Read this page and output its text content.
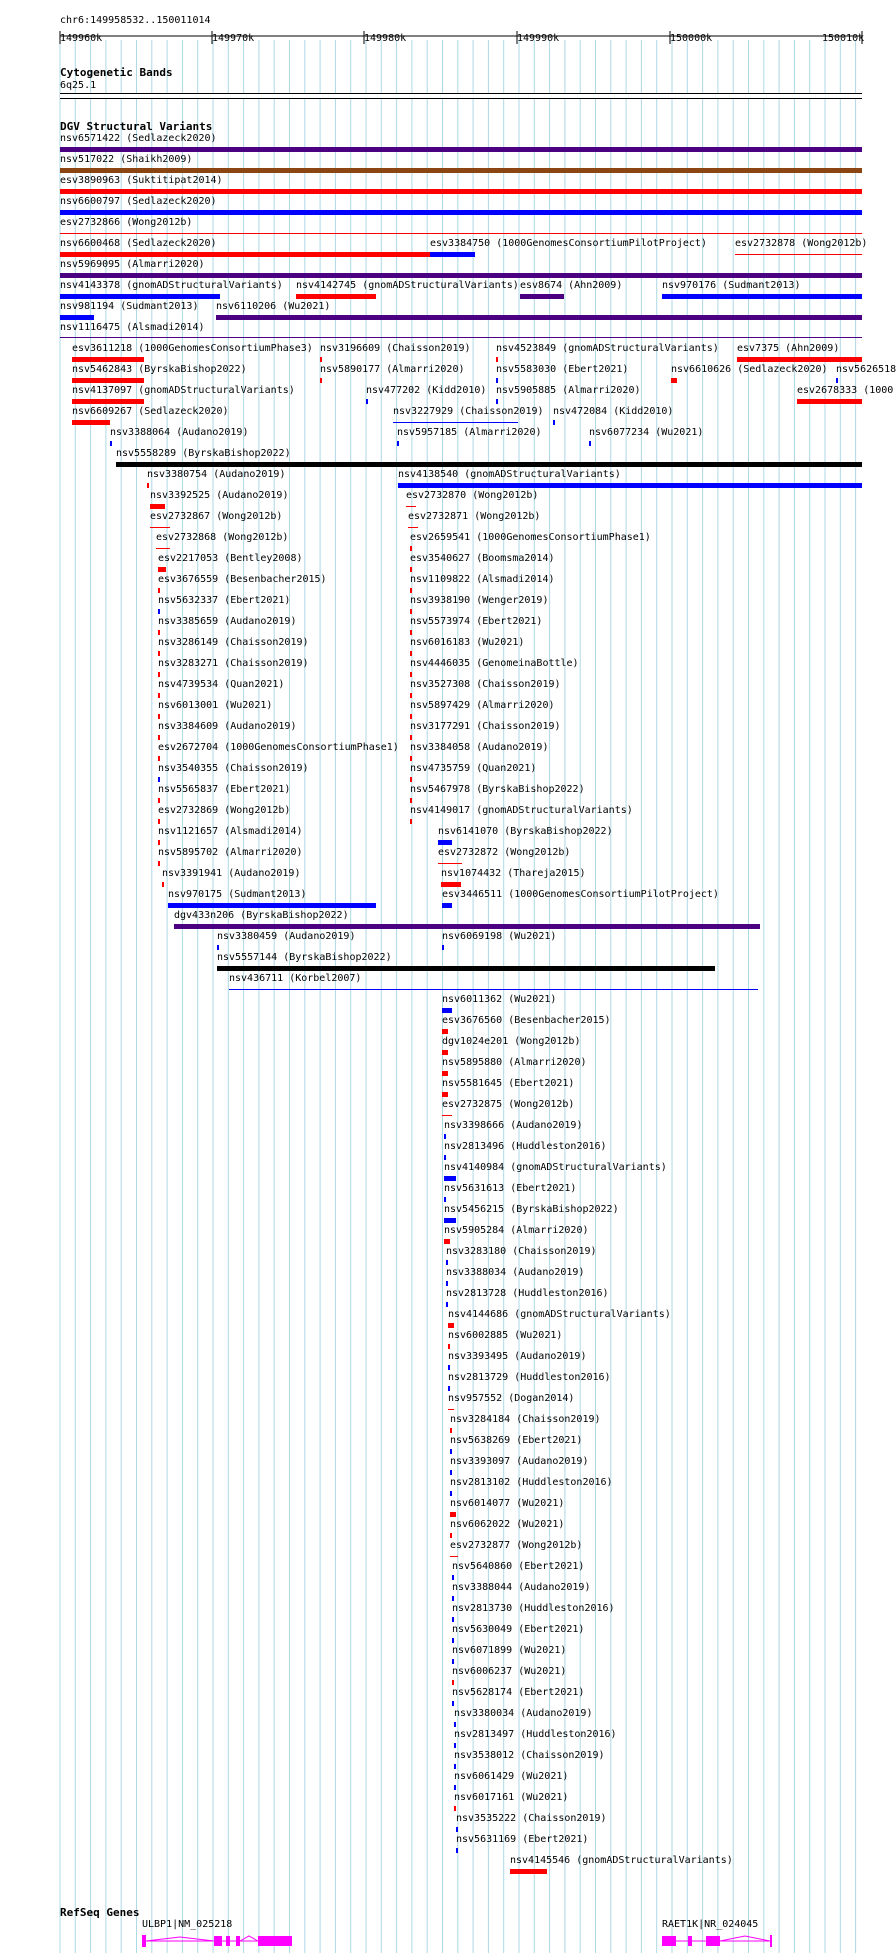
chr6:149958532..150011014
149960k	149970k	149980k	149990k	150000k	150010k
Cytogenetic Bands
6q25.1
DGV Structural Variants
nsv6571422 (Sedlazeck2020)
nsv517022 (Shaikh2009)
esv3890963 (Suktitipat2014)
nsv6600797 (Sedlazeck2020)
esv2732866 (Wong2012b)
nsv6600468 (Sedlazeck2020)	esv3384750 (1000GenomesConsortiumPilotProject)	esv2732878 (Wong2012b)
nsv5969095 (Almarri2020)
nsv4143378 (gnomADStructuralVariants) nsv4142745 (gnomADStructuralVariants) esv8674 (Ahn2009)	nsv970176 (Sudmant2013)
nsv981194 (Sudmant2013) nsv6110206 (Wu2021)
nsv1116475 (Alsmadi2014)
esv3611218 (1000GenomesConsortiumPhase3) nsv3196609 (Chaisson2019)	nsv4523849 (gnomADStructuralVariants) esv7375 (Ahn2009)
nsv5462843 (ByrskaBishop2022)	nsv5890177 (Almarri2020)	nsv5583030 (Ebert2021)	nsv6610626 (Sedlazeck2020) nsv5626518
nsv4137097 (gnomADStructuralVariants)	nsv477202 (Kidd2010) nsv5905885 (Almarri2020)	esv2678333 (1000
nsv6609267 (Sedlazeck2020)	nsv3227929 (Chaisson2019) nsv472084 (Kidd2010)
nsv3388064 (Audano2019)	nsv5957185 (Almarri2020)	nsv6077234 (Wu2021)
nsv5558289 (ByrskaBishop2022)
nsv3380754 (Audano2019)	nsv4138540 (gnomADStructuralVariants)
nsv3392525 (Audano2019)	esv2732870 (Wong2012b)
esv2732867 (Wong2012b)	esv2732871 (Wong2012b)
esv2732868 (Wong2012b)	esv2659541 (1000GenomesConsortiumPhase1)
esv2217053 (Bentley2008)	esv3540627 (Boomsma2014)
esv3676559 (Besenbacher2015)	nsv1109822 (Alsmadi2014)
nsv5632337 (Ebert2021)	nsv3938190 (Wenger2019)
nsv3385659 (Audano2019)	nsv5573974 (Ebert2021)
nsv3286149 (Chaisson2019)	nsv6016183 (Wu2021)
nsv3283271 (Chaisson2019)	nsv4446035 (GenomeinaBottle)
nsv4739534 (Quan2021)	nsv3527308 (Chaisson2019)
nsv6013001 (Wu2021)	nsv5897429 (Almarri2020)
nsv3384609 (Audano2019)	nsv3177291 (Chaisson2019)
esv2672704 (1000GenomesConsortiumPhase1) nsv3384058 (Audano2019)
nsv3540355 (Chaisson2019)	nsv4735759 (Quan2021)
nsv5565837 (Ebert2021)	nsv5467978 (ByrskaBishop2022)
esv2732869 (Wong2012b)	nsv4149017 (gnomADStructuralVariants)
nsv1121657 (Alsmadi2014)	nsv6141070 (ByrskaBishop2022)
nsv5895702 (Almarri2020)	esv2732872 (Wong2012b)
nsv3391941 (Audano2019)	nsv1074432 (Thareja2015)
nsv970175 (Sudmant2013)	esv3446511 (1000GenomesConsortiumPilotProject)
dgv433n206 (ByrskaBishop2022)
nsv3380459 (Audano2019)	nsv6069198 (Wu2021)
nsv5557144 (ByrskaBishop2022)
nsv436711 (Korbel2007)
nsv6011362 (Wu2021)
esv3676560 (Besenbacher2015)
dgv1024e201 (Wong2012b)
nsv5895880 (Almarri2020)
nsv5581645 (Ebert2021)
esv2732875 (Wong2012b)
nsv3398666 (Audano2019)
nsv2813496 (Huddleston2016)
nsv4140984 (gnomADStructuralVariants)
nsv5631613 (Ebert2021)
nsv5456215 (ByrskaBishop2022)
nsv5905284 (Almarri2020)
nsv3283180 (Chaisson2019)
nsv3388034 (Audano2019)
nsv2813728 (Huddleston2016)
nsv4144686 (gnomADStructuralVariants)
nsv6002885 (Wu2021)
nsv3393495 (Audano2019)
nsv2813729 (Huddleston2016)
nsv957552 (Dogan2014)
nsv3284184 (Chaisson2019)
nsv5638269 (Ebert2021)
nsv3393097 (Audano2019)
nsv2813102 (Huddleston2016)
nsv6014077 (Wu2021)
nsv6062022 (Wu2021)
esv2732877 (Wong2012b)
nsv5640860 (Ebert2021)
nsv3388044 (Audano2019)
nsv2813730 (Huddleston2016)
nsv5630049 (Ebert2021)
nsv6071899 (Wu2021)
nsv6006237 (Wu2021)
nsv5628174 (Ebert2021)
nsv3380034 (Audano2019)
nsv2813497 (Huddleston2016)
nsv3538012 (Chaisson2019)
nsv6061429 (Wu2021)
nsv6017161 (Wu2021)
nsv3535222 (Chaisson2019)
nsv5631169 (Ebert2021)
nsv4145546 (gnomADStructuralVariants)
RefSeq Genes
ULBP1|NM_025218	RAET1K|NR_024045
